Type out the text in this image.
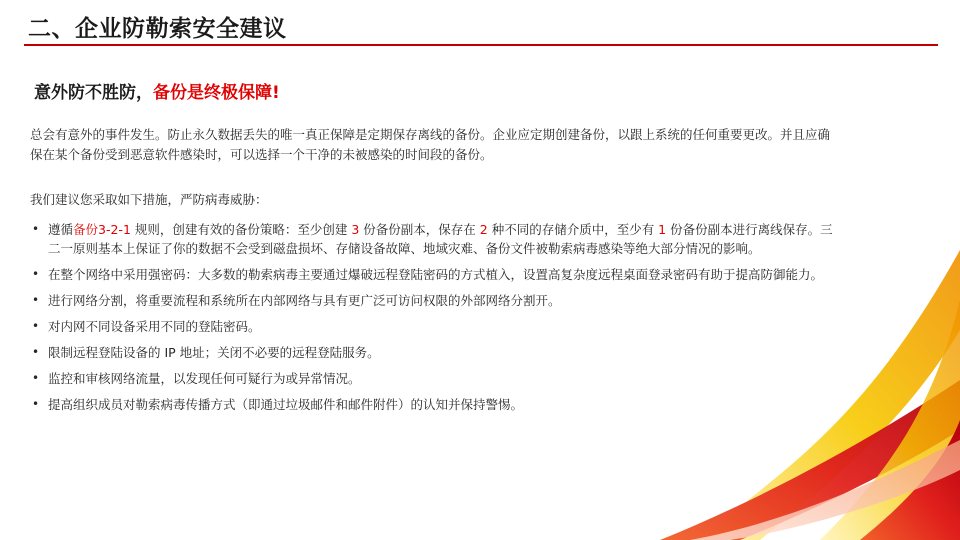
二、企业防勒索安全建议
意外防不胜防，备份是终极保障!
总会有意外的事件发生。防止永久数据丢失的唯一真正保障是定期保存离线的备份。企业应定期创建备份，以跟上系统的任何重要更改。并且应确保在某个备份受到恶意软件感染时，可以选择一个干净的未被感染的时间段的备份。
我们建议您采取如下措施，严防病毒威胁：
• 遵循备份3-2-1 规则，创建有效的备份策略：至少创建 3 份备份副本，保存在 2 种不同的存储介质中，至少有 1 份备份副本进行离线保存。三二一原则基本上保证了你的数据不会受到磁盘损坏、存储设备故障、地域灾难、备份文件被勒索病毒感染等绝大部分情况的影响。
• 在整个网络中采用强密码：大多数的勒索病毒主要通过爆破远程登陆密码的方式植入，设置高复杂度远程桌面登录密码有助于提高防御能力。
• 进行网络分割，将重要流程和系统所在内部网络与具有更广泛可访问权限的外部网络分割开。
• 对内网不同设备采用不同的登陆密码。
• 限制远程登陆设备的 IP 地址；关闭不必要的远程登陆服务。
• 监控和审核网络流量，以发现任何可疑行为或异常情况。
• 提高组织成员对勒索病毒传播方式（即通过垃圾邮件和邮件附件）的认知并保持警惕。
